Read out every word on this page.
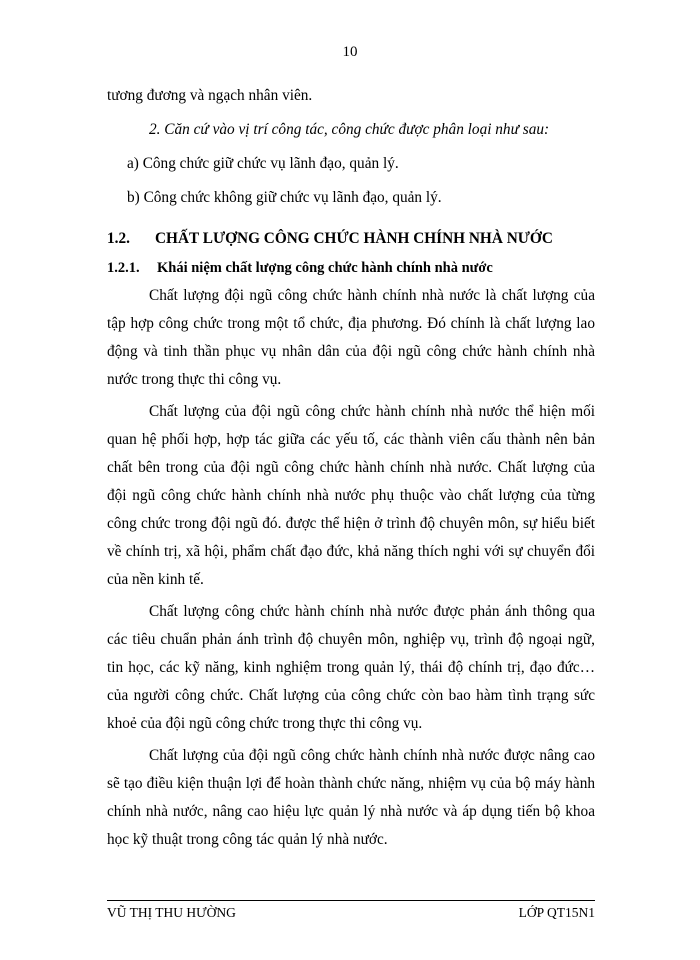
10
tương đương và ngạch nhân viên.
2. Căn cứ vào vị trí công tác, công chức được phân loại như sau:
a) Công chức giữ chức vụ lãnh đạo, quản lý.
b) Công chức không giữ chức vụ lãnh đạo, quản lý.
1.2. CHẤT LƯỢNG CÔNG CHỨC HÀNH CHÍNH NHÀ NƯỚC
1.2.1. Khái niệm chất lượng công chức hành chính nhà nước
Chất lượng đội ngũ công chức hành chính nhà nước là chất lượng của
tập hợp công chức trong một tổ chức, địa phương. Đó chính là chất lượng lao
động và tinh thần phục vụ nhân dân của đội ngũ công chức hành chính nhà
nước trong thực thi công vụ.
Chất lượng của đội ngũ công chức hành chính nhà nước thể hiện mối
quan hệ phối hợp, hợp tác giữa các yếu tố, các thành viên cấu thành nên bản
chất bên trong của đội ngũ công chức hành chính nhà nước. Chất lượng của
đội ngũ công chức hành chính nhà nước phụ thuộc vào chất lượng của từng
công chức trong đội ngũ đó. được thể hiện ở trình độ chuyên môn, sự hiểu biết
về chính trị, xã hội, phẩm chất đạo đức, khả năng thích nghi với sự chuyển đổi
của nền kinh tế.
Chất lượng công chức hành chính nhà nước được phản ánh thông qua
các tiêu chuẩn phản ánh trình độ chuyên môn, nghiệp vụ, trình độ ngoại ngữ,
tin học, các kỹ năng, kinh nghiệm trong quản lý, thái độ chính trị, đạo đức…
của người công chức. Chất lượng của công chức còn bao hàm tình trạng sức
khoẻ của đội ngũ công chức trong thực thi công vụ.
Chất lượng của đội ngũ công chức hành chính nhà nước được nâng cao
sẽ tạo điều kiện thuận lợi để hoàn thành chức năng, nhiệm vụ của bộ máy hành
chính nhà nước, nâng cao hiệu lực quản lý nhà nước và áp dụng tiến bộ khoa
học kỹ thuật trong công tác quản lý nhà nước.
VŨ THỊ THU HƯỜNG	LỚP QT15N1
